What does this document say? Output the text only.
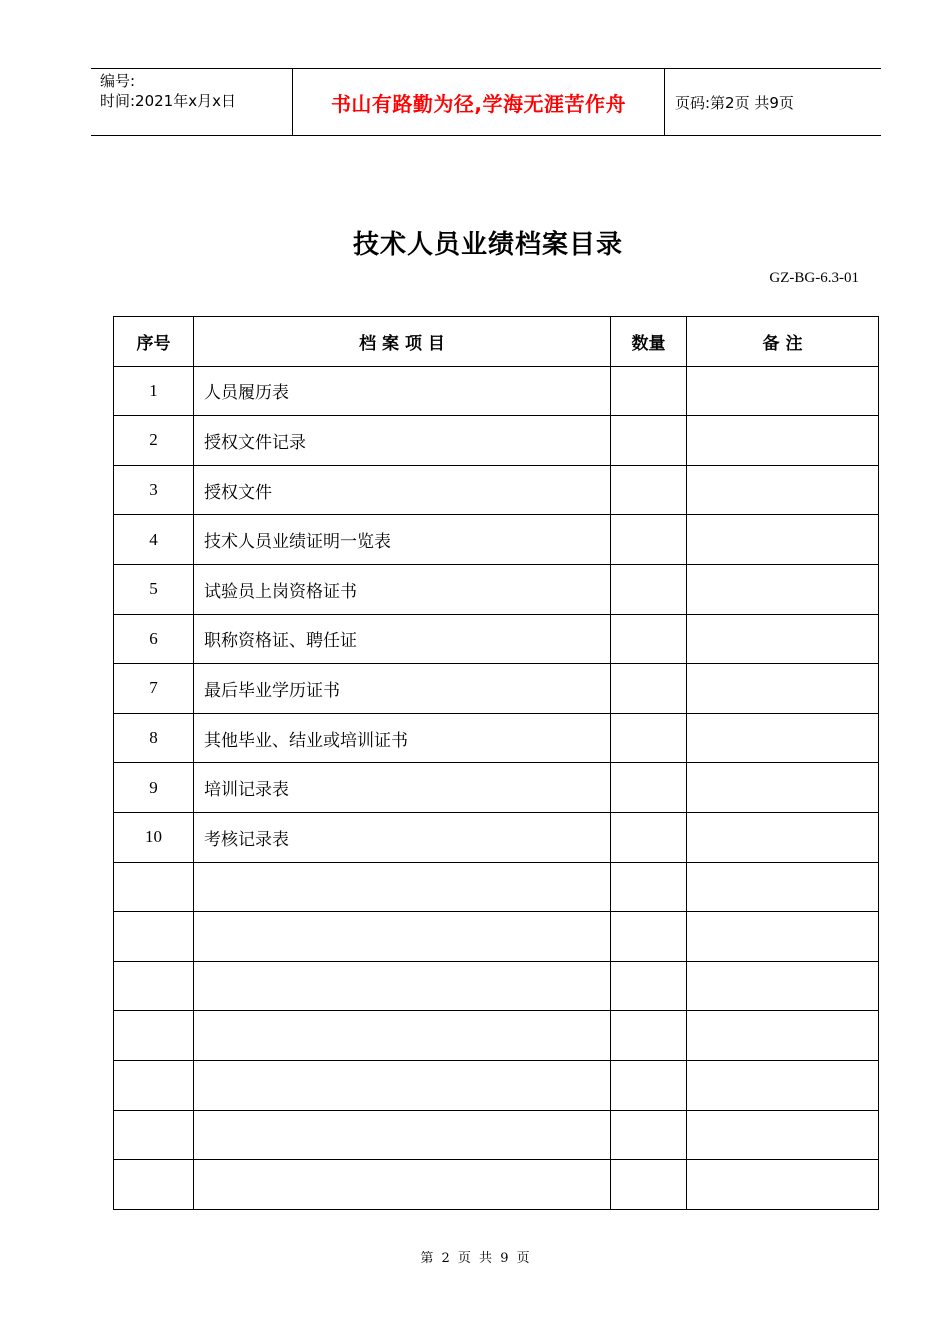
编号:
时间:2021年x月x日	书山有路勤为径,学海无涯苦作舟	页码:第2页 共9页
技术人员业绩档案目录
GZ-BG-6.3-01
序号	档 案 项 目	数量	备 注
1	人员履历表		
2	授权文件记录		
3	授权文件		
4	技术人员业绩证明一览表		
5	试验员上岗资格证书		
6	职称资格证、聘任证		
7	最后毕业学历证书		
8	其他毕业、结业或培训证书		
9	培训记录表		
10	考核记录表		

第 2 页 共 9 页
